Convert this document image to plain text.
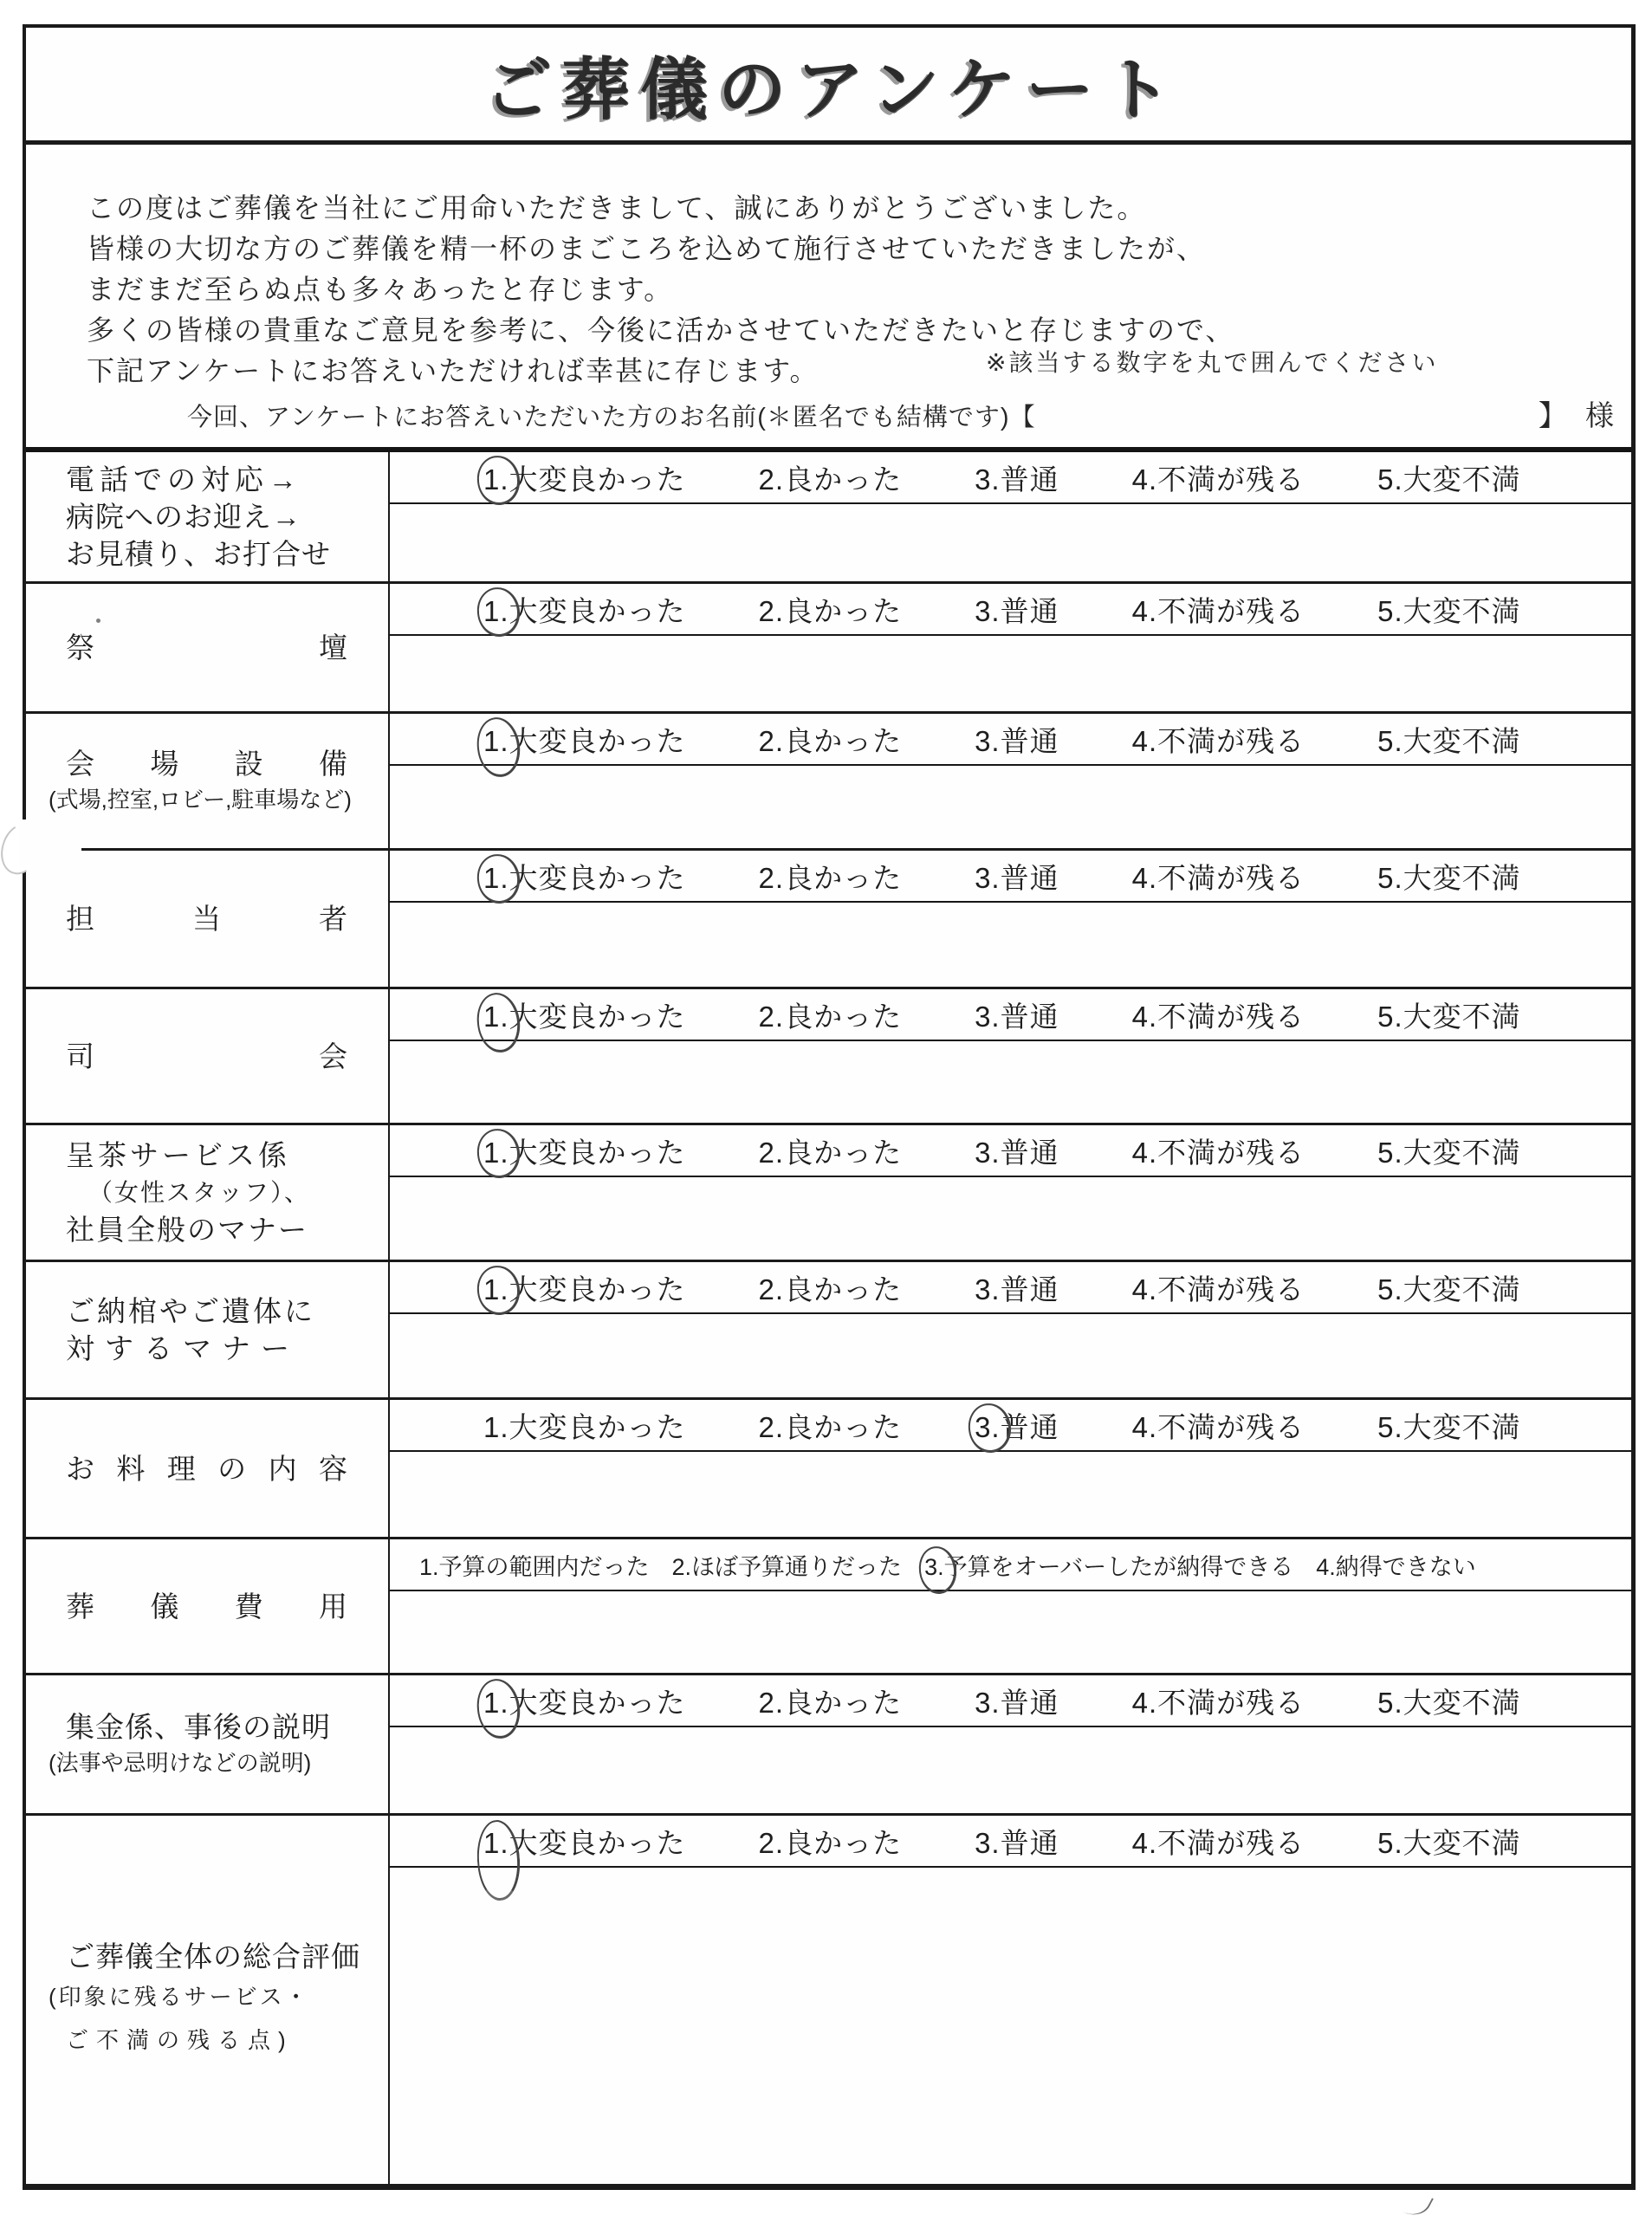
ご葬儀のアンケート
この度はご葬儀を当社にご用命いただきまして、誠にありがとうございました。
皆様の大切な方のご葬儀を精一杯のまごころを込めて施行させていただきましたが、
まだまだ至らぬ点も多々あったと存じます。
多くの皆様の貴重なご意見を参考に、今後に活かさせていただきたいと存じますので、
下記アンケートにお答えいただければ幸甚に存じます。	※該当する数字を丸で囲んでください
今回、アンケートにお答えいただいた方のお名前(＊匿名でも結構です)【	】 様
電話での対応→
病院へのお迎え→
お見積り、お打合せ
1.
大変良かった	2.良かった	3.普通	4.不満が残る	5.大変不満
祭	壇
1.
大変良かった	2.良かった	3.普通	4.不満が残る	5.大変不満
会 場 設 備
(式場,控室,ロビー,駐車場など)
1.
大変良かった	2.良かった	3.普通	4.不満が残る	5.大変不満
担	当	者
1.
大変良かった	2.良かった	3.普通	4.不満が残る	5.大変不満
司	会
1.
大変良かった	2.良かった	3.普通	4.不満が残る	5.大変不満
呈茶サービス係
（女性スタッフ）、
社員全般のマナー
1.
大変良かった	2.良かった	3.普通	4.不満が残る	5.大変不満
ご納棺やご遺体に
対するマナー
1.
大変良かった	2.良かった	3.普通	4.不満が残る	5.大変不満
お 料 理 の 内 容
1.大変良かった	2.良かった	3.
普通	4.不満が残る	5.大変不満
葬 儀 費 用
1.予算の範囲内だった 2.ほぼ予算通りだった 3.
予算をオーバーしたが納得できる 4.納得できない
集金係、事後の説明
(法事や忌明けなどの説明)
1.
大変良かった	2.良かった	3.普通	4.不満が残る	5.大変不満
ご葬儀全体の総合評価
(印象に残るサービス・
ご不満の残る点)
1.
大変良かった	2.良かった	3.普通	4.不満が残る	5.大変不満
